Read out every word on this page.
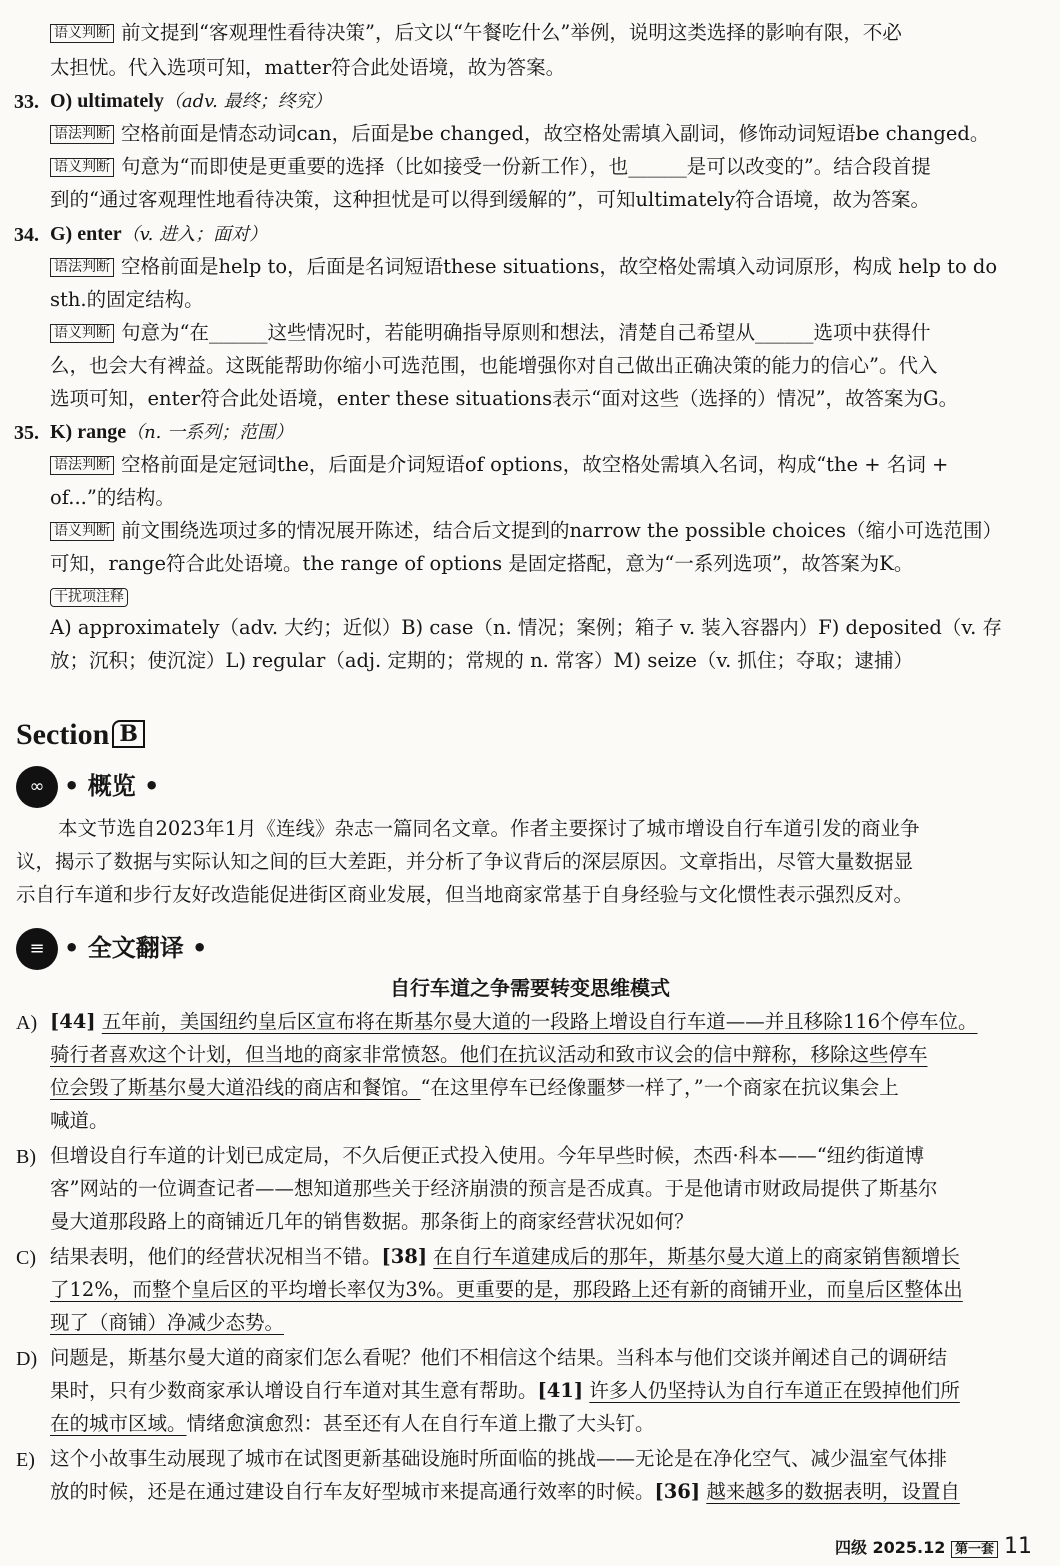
语义判断 前文提到“客观理性看待决策”，后文以“午餐吃什么”举例，说明这类选择的影响有限，不必
太担忧。代入选项可知，matter符合此处语境，故为答案。
33. O) ultimately（adv. 最终；终究）
语法判断 空格前面是情态动词can，后面是be changed，故空格处需填入副词，修饰动词短语be changed。
语义判断 句意为“而即使是更重要的选择（比如接受一份新工作），也______是可以改变的”。结合段首提
到的“通过客观理性地看待决策，这种担忧是可以得到缓解的”，可知ultimately符合语境，故为答案。
34. G) enter（v. 进入；面对）
语法判断 空格前面是help to，后面是名词短语these situations，故空格处需填入动词原形，构成 help to do
sth.的固定结构。
语义判断 句意为“在______这些情况时，若能明确指导原则和想法，清楚自己希望从______选项中获得什
么，也会大有裨益。这既能帮助你缩小可选范围，也能增强你对自己做出正确决策的能力的信心”。代入
选项可知，enter符合此处语境，enter these situations表示“面对这些（选择的）情况”，故答案为G。
35. K) range（n. 一系列；范围）
语法判断 空格前面是定冠词the，后面是介词短语of options，故空格处需填入名词，构成“the + 名词 +
of...”的结构。
语义判断 前文围绕选项过多的情况展开陈述，结合后文提到的narrow the possible choices（缩小可选范围）
可知，range符合此处语境。the range of options 是固定搭配，意为“一系列选项”，故答案为K。
干扰项注释
A) approximately（adv. 大约；近似）B) case（n. 情况；案例；箱子 v. 装入容器内）F) deposited（v. 存
放；沉积；使沉淀）L) regular（adj. 定期的；常规的 n. 常客）M) seize（v. 抓住；夺取；逮捕）
Section B
∞ • 概览 •
本文节选自2023年1月《连线》杂志一篇同名文章。作者主要探讨了城市增设自行车道引发的商业争
议，揭示了数据与实际认知之间的巨大差距，并分析了争议背后的深层原因。文章指出，尽管大量数据显
示自行车道和步行友好改造能促进街区商业发展，但当地商家常基于自身经验与文化惯性表示强烈反对。
≡ • 全文翻译 •
自行车道之争需要转变思维模式
A) [44] 五年前，美国纽约皇后区宣布将在斯基尔曼大道的一段路上增设自行车道——并且移除116个停车位。
骑行者喜欢这个计划，但当地的商家非常愤怒。他们在抗议活动和致市议会的信中辩称，移除这些停车
位会毁了斯基尔曼大道沿线的商店和餐馆。“在这里停车已经像噩梦一样了，”一个商家在抗议集会上
喊道。
B) 但增设自行车道的计划已成定局，不久后便正式投入使用。今年早些时候，杰西·科本——“纽约街道博
客”网站的一位调查记者——想知道那些关于经济崩溃的预言是否成真。于是他请市财政局提供了斯基尔
曼大道那段路上的商铺近几年的销售数据。那条街上的商家经营状况如何？
C) 结果表明，他们的经营状况相当不错。[38] 在自行车道建成后的那年，斯基尔曼大道上的商家销售额增长
了12%，而整个皇后区的平均增长率仅为3%。更重要的是，那段路上还有新的商铺开业，而皇后区整体出
现了（商铺）净减少态势。
D) 问题是，斯基尔曼大道的商家们怎么看呢？他们不相信这个结果。当科本与他们交谈并阐述自己的调研结
果时，只有少数商家承认增设自行车道对其生意有帮助。[41] 许多人仍坚持认为自行车道正在毁掉他们所
在的城市区域。情绪愈演愈烈：甚至还有人在自行车道上撒了大头钉。
E) 这个小故事生动展现了城市在试图更新基础设施时所面临的挑战——无论是在净化空气、减少温室气体排
放的时候，还是在通过建设自行车友好型城市来提高通行效率的时候。[36] 越来越多的数据表明，设置自
四级 2025.12 第一套 11
